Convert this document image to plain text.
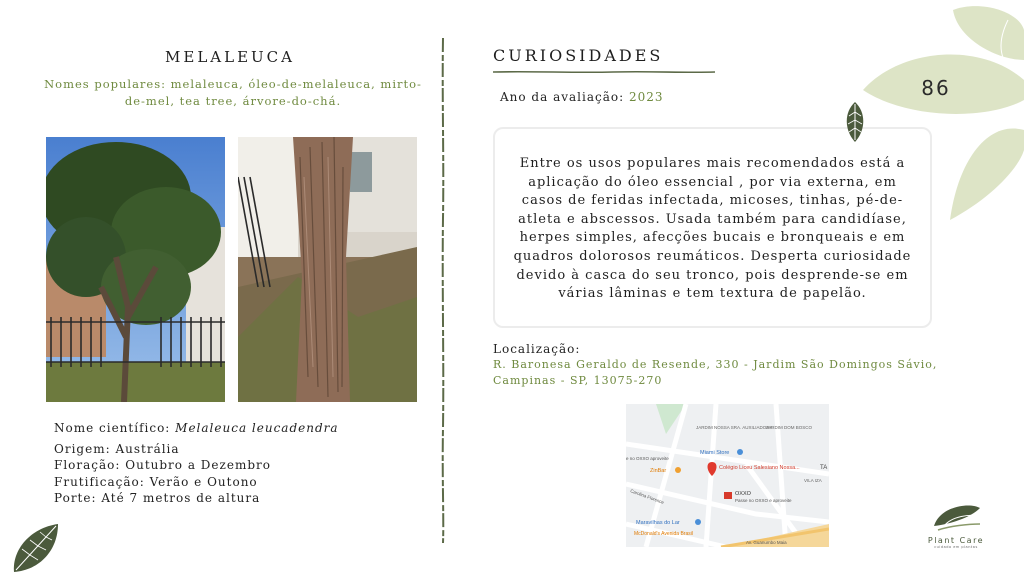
MELALEUCA
Nomes populares: melaleuca, óleo-de-melaleuca, mirto-de-mel, tea tree, árvore-do-chá.
Nome científico: Melaleuca leucadendra
Origem: Austrália
Floração: Outubro a Dezembro
Frutificação: Verão e Outono
Porte: Até 7 metros de altura
CURIOSIDADES
Ano da avaliação: 2023
Entre os usos populares mais recomendados está a aplicação do óleo essencial , por via externa, em casos de feridas infectada, micoses, tinhas, pé-de-atleta e abscessos. Usada também para candidíase, herpes simples, afecções bucais e bronqueais e em quadros dolorosos reumáticos. Desperta curiosidade devido à casca do seu tronco, pois desprende-se em várias lâminas e tem textura de papelão.
Localização:
R. Baronesa Geraldo de Resende, 330 - Jardim São Domingos Sávio, Campinas - SP, 13075-270
JARDIM NOSSA SRA. AUXILIADORA
JARDIM DOM BOSCO
Miami Store
ZinBar	Colégio Liceu Salesiano Nossa...
OXXO
Passe no OXXO e aproveite
e no OXXO aproveite
Carolina Florence
VILA IZA
TA
Maravilhas do Lar
McDonald's Avenida Brasil
Av. Guanumbo Maia
86
Plant Care
cuidado em plantas
